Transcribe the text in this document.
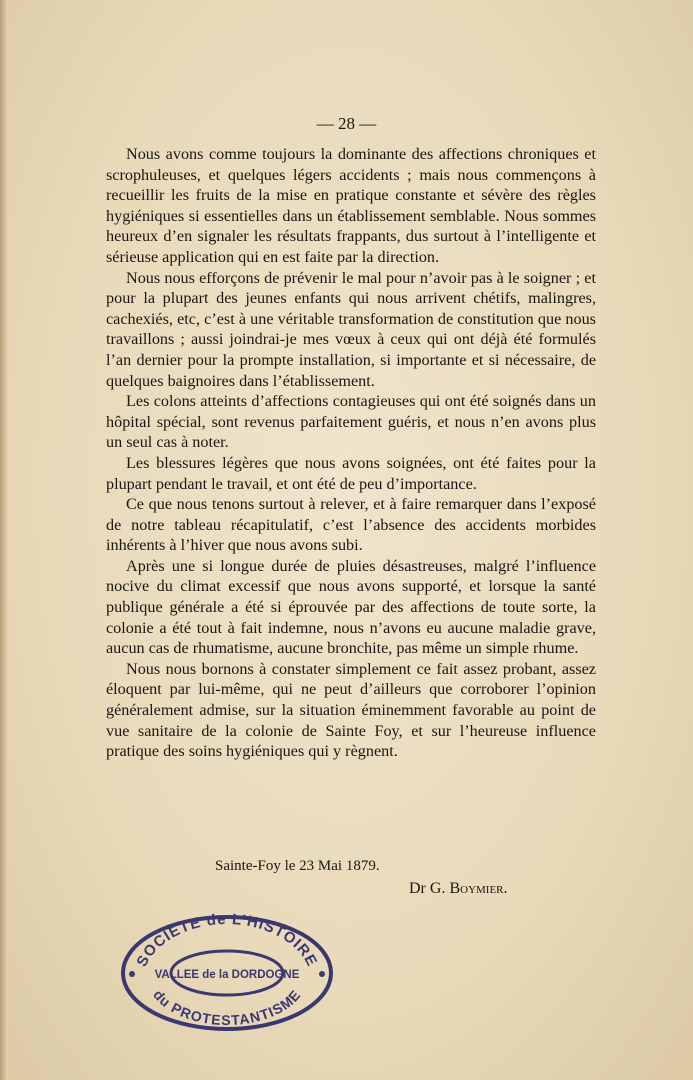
— 28 —

Nous avons comme toujours la dominante des affections chroniques et scrophuleuses, et quelques légers accidents ; mais nous commençons à recueillir les fruits de la mise en pratique constante et sévère des règles hygiéniques si essentielles dans un établissement semblable. Nous sommes heureux d’en signaler les résultats frappants, dus surtout à l’intelligente et sérieuse application qui en est faite par la direction.

Nous nous efforçons de prévenir le mal pour n’avoir pas à le soigner ; et pour la plupart des jeunes enfants qui nous arrivent chétifs, malingres, cachexiés, etc, c’est à une véritable transformation de constitution que nous travaillons ; aussi joindrai-je mes vœux à ceux qui ont déjà été formulés l’an dernier pour la prompte installation, si importante et si nécessaire, de quelques baignoires dans l’établissement.

Les colons atteints d’affections contagieuses qui ont été soignés dans un hôpital spécial, sont revenus parfaitement guéris, et nous n’en avons plus un seul cas à noter.

Les blessures légères que nous avons soignées, ont été faites pour la plupart pendant le travail, et ont été de peu d’importance.

Ce que nous tenons surtout à relever, et à faire remarquer dans l’exposé de notre tableau récapitulatif, c’est l’absence des accidents morbides inhérents à l’hiver que nous avons subi.

Après une si longue durée de pluies désastreuses, malgré l’influence nocive du climat excessif que nous avons supporté, et lorsque la santé publique générale a été si éprouvée par des affections de toute sorte, la colonie a été tout à fait indemne, nous n’avons eu aucune maladie grave, aucun cas de rhumatisme, aucune bronchite, pas même un simple rhume.

Nous nous bornons à constater simplement ce fait assez probant, assez éloquent par lui-même, qui ne peut d’ailleurs que corroborer l’opinion généralement admise, sur la situation éminemment favorable au point de vue sanitaire de la colonie de Sainte Foy, et sur l’heureuse influence pratique des soins hygiéniques qui y règnent.

Sainte-Foy le 23 Mai 1879.
Dr G. Boymier.
SOCIETE de L’HISTOIRE
VALLEE de la DORDOGNE
du PROTESTANTISME
